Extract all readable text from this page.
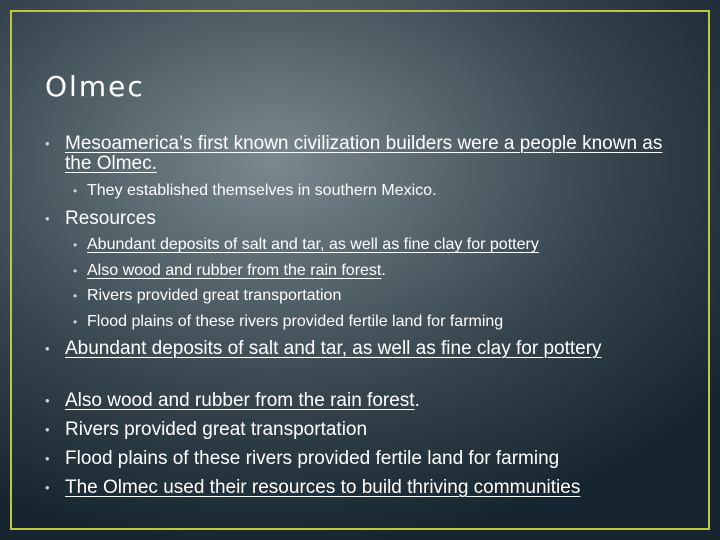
Olmec

• Mesoamerica’s first known civilization builders were a people known as the Olmec.

• They established themselves in southern Mexico.

• Resources

• Abundant deposits of salt and tar, as well as fine clay for pottery

• Also wood and rubber from the rain forest.

• Rivers provided great transportation

• Flood plains of these rivers provided fertile land for farming

• Abundant deposits of salt and tar, as well as fine clay for pottery

• Also wood and rubber from the rain forest.

• Rivers provided great transportation

• Flood plains of these rivers provided fertile land for farming

• The Olmec used their resources to build thriving communities
